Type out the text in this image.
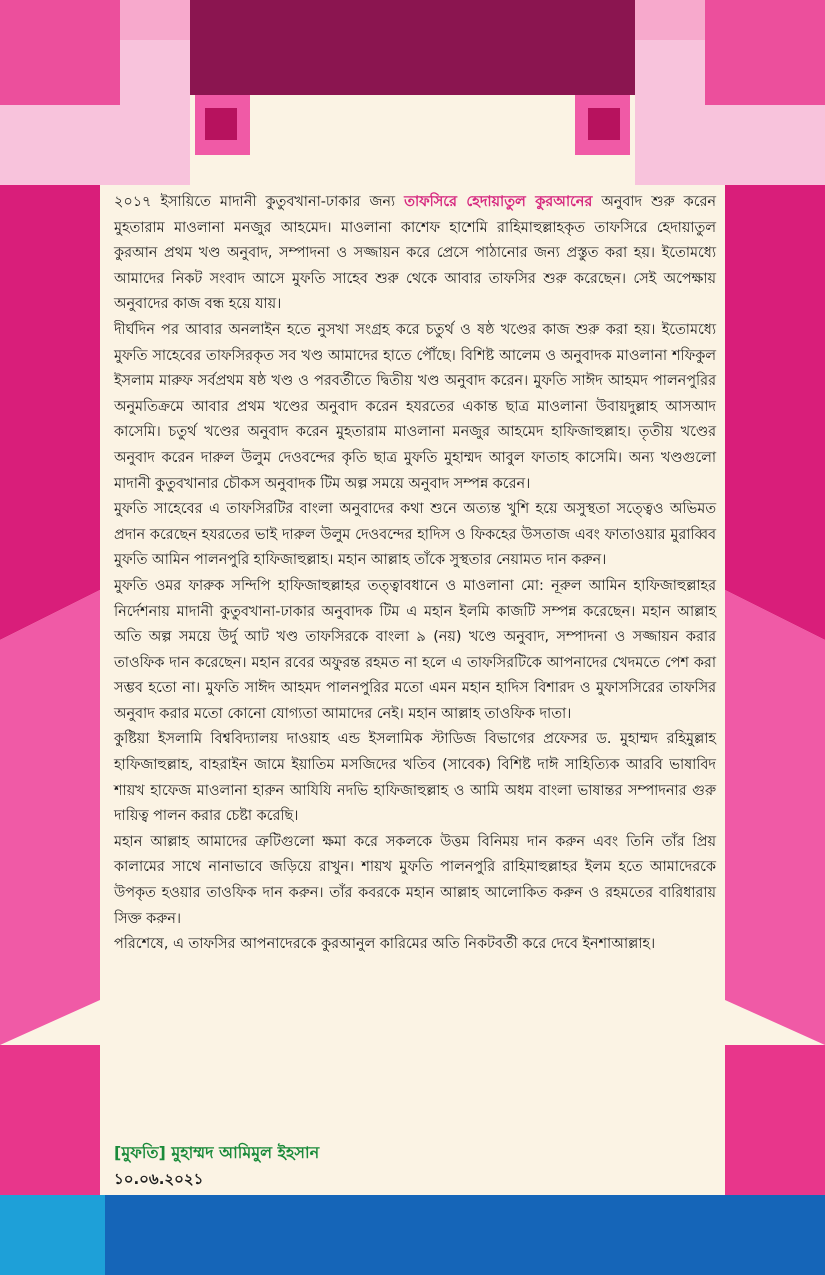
২০১৭ ইসায়িতে মাদানী কুতুবখানা-ঢাকার জন্য তাফসিরে হেদায়াতুল কুরআনের অনুবাদ শুরু করেন মুহতারাম মাওলানা মনজুর আহমেদ। মাওলানা কাশেফ হাশেমি রাহিমাহুল্লাহকৃত তাফসিরে হেদায়াতুল কুরআন প্রথম খণ্ড অনুবাদ, সম্পাদনা ও সজ্জায়ন করে প্রেসে পাঠানোর জন্য প্রস্তুত করা হয়। ইতোমধ্যে আমাদের নিকট সংবাদ আসে মুফতি সাহেব শুরু থেকে আবার তাফসির শুরু করেছেন। সেই অপেক্ষায় অনুবাদের কাজ বন্ধ হয়ে যায়।

দীর্ঘদিন পর আবার অনলাইন হতে নুসখা সংগ্রহ করে চতুর্থ ও ষষ্ঠ খণ্ডের কাজ শুরু করা হয়। ইতোমধ্যে মুফতি সাহেবের তাফসিরকৃত সব খণ্ড আমাদের হাতে পৌঁছে। বিশিষ্ট আলেম ও অনুবাদক মাওলানা শফিকুল ইসলাম মারুফ সর্বপ্রথম ষষ্ঠ খণ্ড ও পরবর্তীতে দ্বিতীয় খণ্ড অনুবাদ করেন। মুফতি সাঈদ আহমদ পালনপুরির অনুমতিক্রমে আবার প্রথম খণ্ডের অনুবাদ করেন হযরতের একান্ত ছাত্র মাওলানা উবায়দুল্লাহ আসআদ কাসেমি। চতুর্থ খণ্ডের অনুবাদ করেন মুহতারাম মাওলানা মনজুর আহমেদ হাফিজাহুল্লাহ। তৃতীয় খণ্ডের অনুবাদ করেন দারুল উলুম দেওবন্দের কৃতি ছাত্র মুফতি মুহাম্মদ আবুল ফাতাহ কাসেমি। অন্য খণ্ডগুলো মাদানী কুতুবখানার চৌকস অনুবাদক টিম অল্প সময়ে অনুবাদ সম্পন্ন করেন।

মুফতি সাহেবের এ তাফসিরটির বাংলা অনুবাদের কথা শুনে অত্যন্ত খুশি হয়ে অসুস্থতা সত্ত্বেও অভিমত প্রদান করেছেন হযরতের ভাই দারুল উলুম দেওবন্দের হাদিস ও ফিকহের উসতাজ এবং ফাতাওয়ার মুরাব্বিব মুফতি আমিন পালনপুরি হাফিজাহুল্লাহ। মহান আল্লাহ তাঁকে সুস্থতার নেয়ামত দান করুন।

মুফতি ওমর ফারুক সন্দিপি হাফিজাহুল্লাহর তত্ত্বাবধানে ও মাওলানা মো: নূরুল আমিন হাফিজাহুল্লাহর নির্দেশনায় মাদানী কুতুবখানা-ঢাকার অনুবাদক টিম এ মহান ইলমি কাজটি সম্পন্ন করেছেন। মহান আল্লাহ অতি অল্প সময়ে উর্দু আট খণ্ড তাফসিরকে বাংলা ৯ (নয়) খণ্ডে অনুবাদ, সম্পাদনা ও সজ্জায়ন করার তাওফিক দান করেছেন। মহান রবের অফুরন্ত রহমত না হলে এ তাফসিরটিকে আপনাদের খেদমতে পেশ করা সম্ভব হতো না। মুফতি সাঈদ আহমদ পালনপুরির মতো এমন মহান হাদিস বিশারদ ও মুফাসসিরের তাফসির অনুবাদ করার মতো কোনো যোগ্যতা আমাদের নেই। মহান আল্লাহ তাওফিক দাতা।

কুষ্টিয়া ইসলামি বিশ্ববিদ্যালয় দাওয়াহ এন্ড ইসলামিক স্টাডিজ বিভাগের প্রফেসর ড. মুহাম্মদ রহিমুল্লাহ হাফিজাহুল্লাহ, বাহরাইন জামে ইয়াতিম মসজিদের খতিব (সাবেক) বিশিষ্ট দাঈ সাহিত্যিক আরবি ভাষাবিদ শায়খ হাফেজ মাওলানা হারুন আযিযি নদভি হাফিজাহুল্লাহ ও আমি অধম বাংলা ভাষান্তর সম্পাদনার গুরু দায়িত্ব পালন করার চেষ্টা করেছি।

মহান আল্লাহ আমাদের ত্রুটিগুলো ক্ষমা করে সকলকে উত্তম বিনিময় দান করুন এবং তিনি তাঁর প্রিয় কালামের সাথে নানাভাবে জড়িয়ে রাখুন। শায়খ মুফতি পালনপুরি রাহিমাহুল্লাহর ইলম হতে আমাদেরকে উপকৃত হওয়ার তাওফিক দান করুন। তাঁর কবরকে মহান আল্লাহ আলোকিত করুন ও রহমতের বারিধারায় সিক্ত করুন।

পরিশেষে, এ তাফসির আপনাদেরকে কুরআনুল কারিমের অতি নিকটবর্তী করে দেবে ইনশাআল্লাহ।

[মুফতি] মুহাম্মদ আমিমুল ইহসান
১০.০৬.২০২১
